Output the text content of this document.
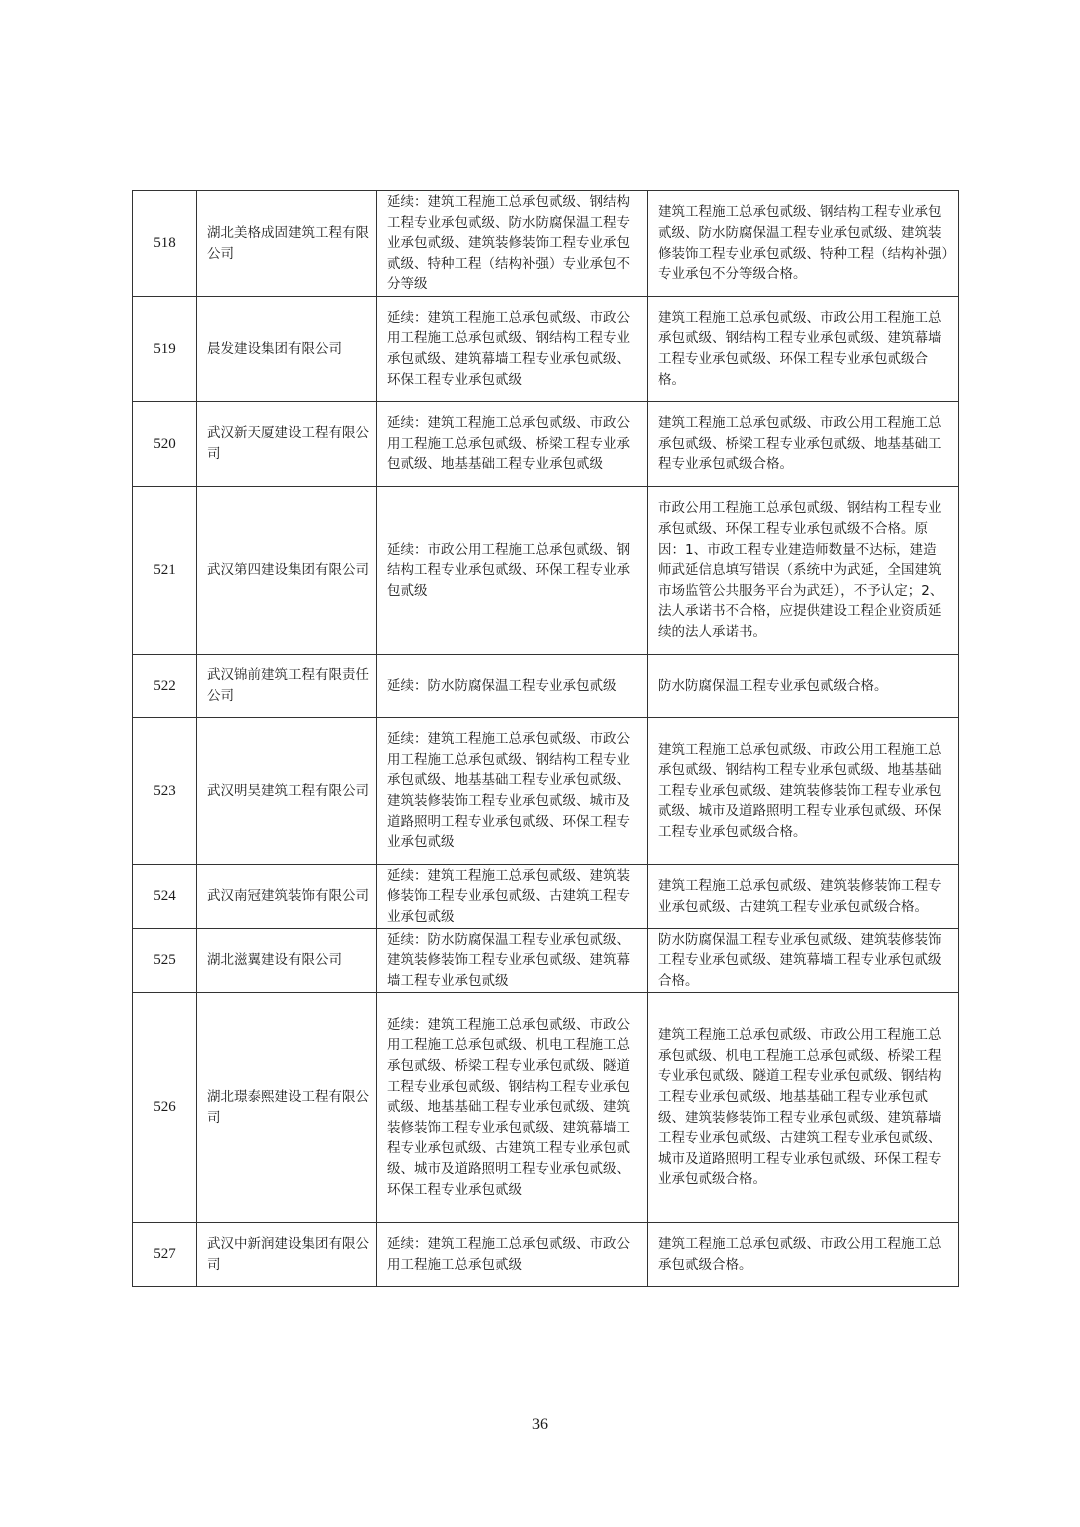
518	湖北美格成固建筑工程有限公司	延续：建筑工程施工总承包贰级、钢结构工程专业承包贰级、防水防腐保温工程专业承包贰级、建筑装修装饰工程专业承包贰级、特种工程（结构补强）专业承包不分等级	建筑工程施工总承包贰级、钢结构工程专业承包贰级、防水防腐保温工程专业承包贰级、建筑装修装饰工程专业承包贰级、特种工程（结构补强）专业承包不分等级合格。
519	晨发建设集团有限公司	延续：建筑工程施工总承包贰级、市政公用工程施工总承包贰级、钢结构工程专业承包贰级、建筑幕墙工程专业承包贰级、环保工程专业承包贰级	建筑工程施工总承包贰级、市政公用工程施工总承包贰级、钢结构工程专业承包贰级、建筑幕墙工程专业承包贰级、环保工程专业承包贰级合格。
520	武汉新天厦建设工程有限公司	延续：建筑工程施工总承包贰级、市政公用工程施工总承包贰级、桥梁工程专业承包贰级、地基基础工程专业承包贰级	建筑工程施工总承包贰级、市政公用工程施工总承包贰级、桥梁工程专业承包贰级、地基基础工程专业承包贰级合格。
521	武汉第四建设集团有限公司	延续：市政公用工程施工总承包贰级、钢结构工程专业承包贰级、环保工程专业承包贰级	市政公用工程施工总承包贰级、钢结构工程专业承包贰级、环保工程专业承包贰级不合格。原因：1、市政工程专业建造师数量不达标，建造师武延信息填写错误（系统中为武延，全国建筑市场监管公共服务平台为武廷），不予认定；2、法人承诺书不合格，应提供建设工程企业资质延续的法人承诺书。
522	武汉锦前建筑工程有限责任公司	延续：防水防腐保温工程专业承包贰级	防水防腐保温工程专业承包贰级合格。
523	武汉明昊建筑工程有限公司	延续：建筑工程施工总承包贰级、市政公用工程施工总承包贰级、钢结构工程专业承包贰级、地基基础工程专业承包贰级、建筑装修装饰工程专业承包贰级、城市及道路照明工程专业承包贰级、环保工程专业承包贰级	建筑工程施工总承包贰级、市政公用工程施工总承包贰级、钢结构工程专业承包贰级、地基基础工程专业承包贰级、建筑装修装饰工程专业承包贰级、城市及道路照明工程专业承包贰级、环保工程专业承包贰级合格。
524	武汉南冠建筑装饰有限公司	延续：建筑工程施工总承包贰级、建筑装修装饰工程专业承包贰级、古建筑工程专业承包贰级	建筑工程施工总承包贰级、建筑装修装饰工程专业承包贰级、古建筑工程专业承包贰级合格。
525	湖北滋翼建设有限公司	延续：防水防腐保温工程专业承包贰级、建筑装修装饰工程专业承包贰级、建筑幕墙工程专业承包贰级	防水防腐保温工程专业承包贰级、建筑装修装饰工程专业承包贰级、建筑幕墙工程专业承包贰级合格。
526	湖北璟泰熙建设工程有限公司	延续：建筑工程施工总承包贰级、市政公用工程施工总承包贰级、机电工程施工总承包贰级、桥梁工程专业承包贰级、隧道工程专业承包贰级、钢结构工程专业承包贰级、地基基础工程专业承包贰级、建筑装修装饰工程专业承包贰级、建筑幕墙工程专业承包贰级、古建筑工程专业承包贰级、城市及道路照明工程专业承包贰级、环保工程专业承包贰级	建筑工程施工总承包贰级、市政公用工程施工总承包贰级、机电工程施工总承包贰级、桥梁工程专业承包贰级、隧道工程专业承包贰级、钢结构工程专业承包贰级、地基基础工程专业承包贰级、建筑装修装饰工程专业承包贰级、建筑幕墙工程专业承包贰级、古建筑工程专业承包贰级、城市及道路照明工程专业承包贰级、环保工程专业承包贰级合格。
527	武汉中新润建设集团有限公司	延续：建筑工程施工总承包贰级、市政公用工程施工总承包贰级	建筑工程施工总承包贰级、市政公用工程施工总承包贰级合格。
36
